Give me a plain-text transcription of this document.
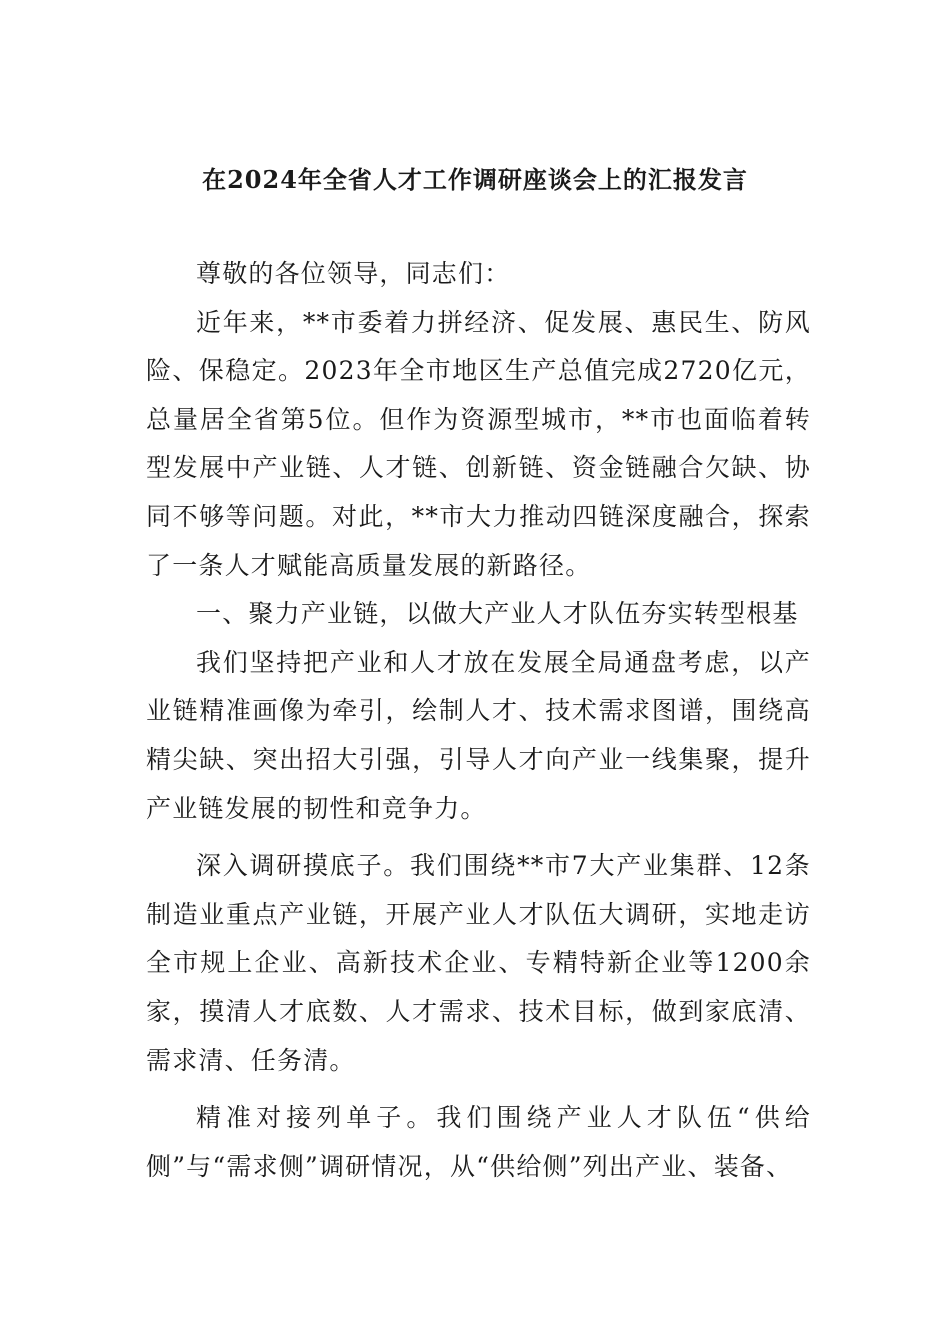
在2024年全省人才工作调研座谈会上的汇报发言

尊敬的各位领导，同志们：

近年来，**市委着力拼经济、促发展、惠民生、防风险、保稳定。2023年全市地区生产总值完成2720亿元，总量居全省第5位。但作为资源型城市，**市也面临着转型发展中产业链、人才链、创新链、资金链融合欠缺、协同不够等问题。对此，**市大力推动四链深度融合，探索了一条人才赋能高质量发展的新路径。

一、聚力产业链，以做大产业人才队伍夯实转型根基

我们坚持把产业和人才放在发展全局通盘考虑，以产业链精准画像为牵引，绘制人才、技术需求图谱，围绕高精尖缺、突出招大引强，引导人才向产业一线集聚，提升产业链发展的韧性和竞争力。

深入调研摸底子。我们围绕**市7大产业集群、12条制造业重点产业链，开展产业人才队伍大调研，实地走访全市规上企业、高新技术企业、专精特新企业等1200余家，摸清人才底数、人才需求、技术目标，做到家底清、需求清、任务清。

精准对接列单子。我们围绕产业人才队伍“供给侧”与“需求侧”调研情况，从“供给侧”列出产业、装备、
